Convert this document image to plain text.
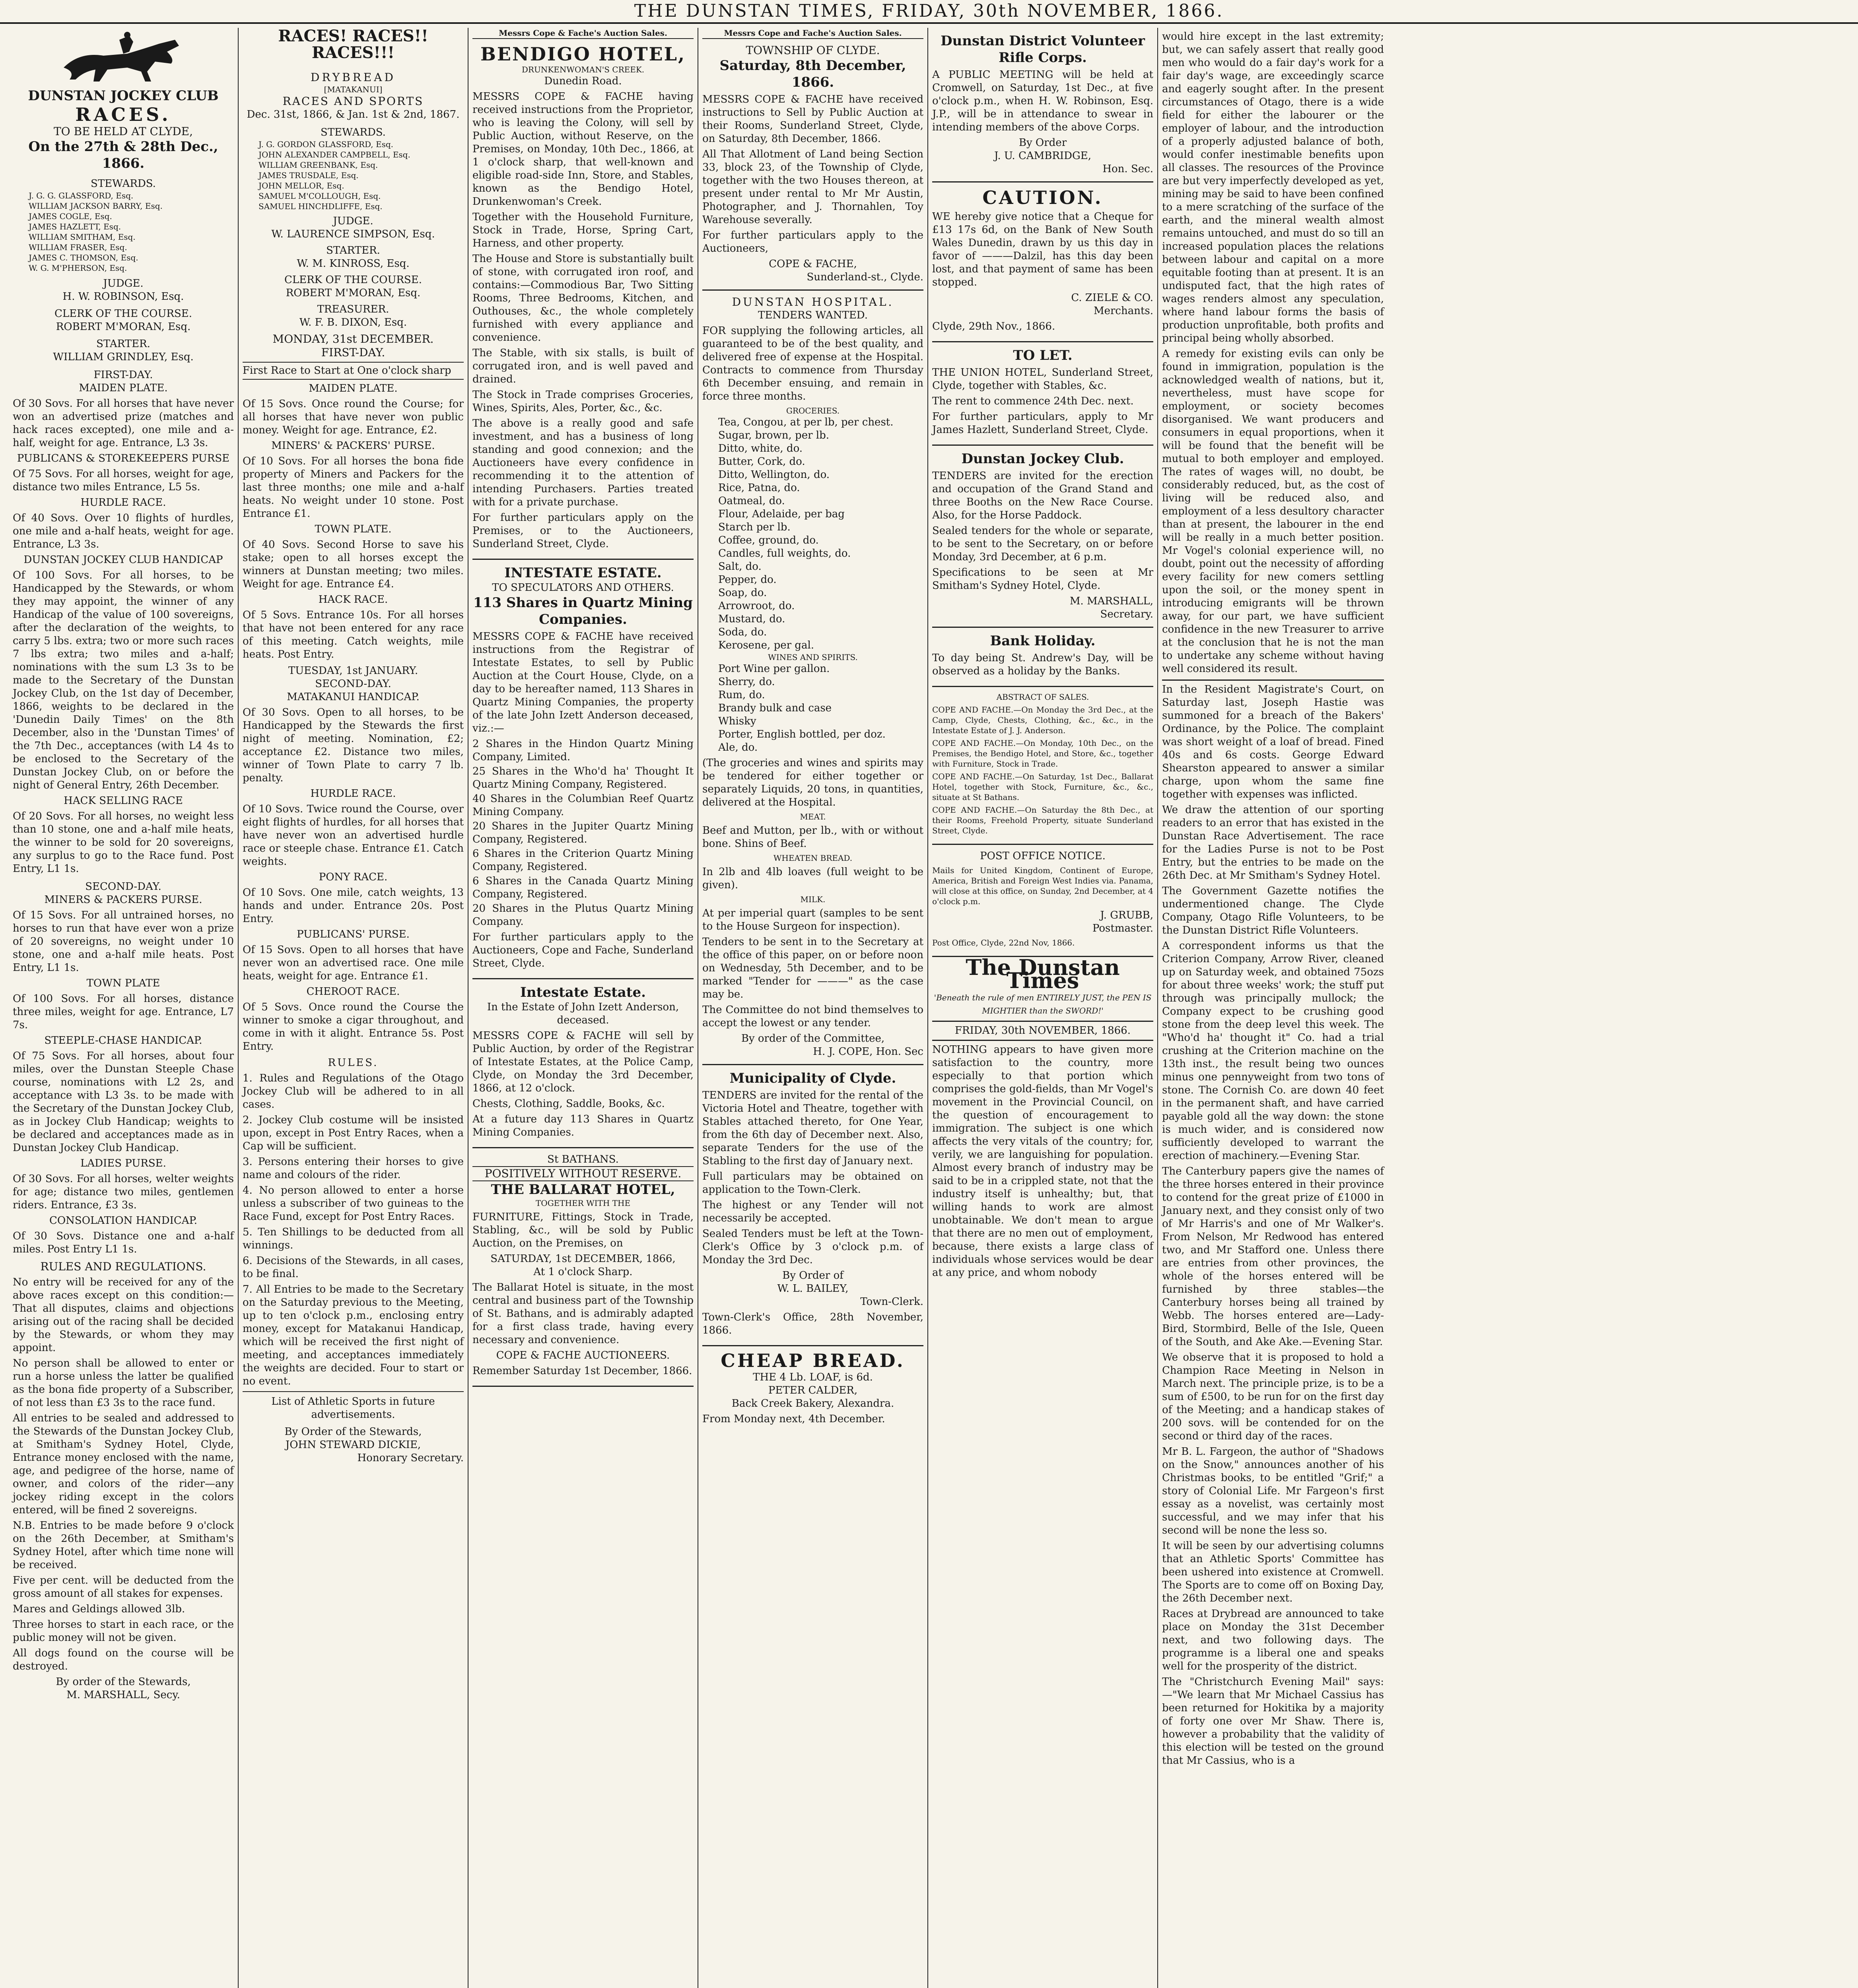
THE DUNSTAN TIMES, FRIDAY, 30th NOVEMBER, 1866.
DUNSTAN JOCKEY CLUB
RACES.
TO BE HELD AT CLYDE,
On the 27th & 28th Dec., 1866.
STEWARDS.
J. G. G. GLASSFORD, Esq.
WILLIAM JACKSON BARRY, Esq.
JAMES COGLE, Esq.
JAMES HAZLETT, Esq.
WILLIAM SMITHAM, Esq.
WILLIAM FRASER, Esq.
JAMES C. THOMSON, Esq.
W. G. M'PHERSON, Esq.
JUDGE.
H. W. ROBINSON, Esq.
CLERK OF THE COURSE.
ROBERT M'MORAN, Esq.
STARTER.
WILLIAM GRINDLEY, Esq.
FIRST-DAY.
MAIDEN PLATE.
Of 30 Sovs. For all horses that have never won an advertised prize (matches and hack races excepted), one mile and a-half, weight for age. Entrance, L3 3s.
PUBLICANS & STOREKEEPERS PURSE
Of 75 Sovs. For all horses, weight for age, distance two miles Entrance, L5 5s.
HURDLE RACE.
Of 40 Sovs. Over 10 flights of hurdles, one mile and a-half heats, weight for age. Entrance, L3 3s.
DUNSTAN JOCKEY CLUB HANDICAP
Of 100 Sovs. For all horses, to be Handicapped by the Stewards, or whom they may appoint, the winner of any Handicap of the value of 100 sovereigns, after the declaration of the weights, to carry 5 lbs. extra; two or more such races 7 lbs extra; two miles and a-half; nominations with the sum L3 3s to be made to the Secretary of the Dunstan Jockey Club, on the 1st day of December, 1866, weights to be declared in the 'Dunedin Daily Times' on the 8th December, also in the 'Dunstan Times' of the 7th Dec., acceptances (with L4 4s to be enclosed to the Secretary of the Dunstan Jockey Club, on or before the night of General Entry, 26th December.
HACK SELLING RACE
Of 20 Sovs. For all horses, no weight less than 10 stone, one and a-half mile heats, the winner to be sold for 20 sovereigns, any surplus to go to the Race fund. Post Entry, L1 1s.
SECOND-DAY.
MINERS & PACKERS PURSE.
Of 15 Sovs. For all untrained horses, no horses to run that have ever won a prize of 20 sovereigns, no weight under 10 stone, one and a-half mile heats. Post Entry, L1 1s.
TOWN PLATE
Of 100 Sovs. For all horses, distance three miles, weight for age. Entrance, L7 7s.
STEEPLE-CHASE HANDICAP.
Of 75 Sovs. For all horses, about four miles, over the Dunstan Steeple Chase course, nominations with L2 2s, and acceptance with L3 3s. to be made with the Secretary of the Dunstan Jockey Club, as in Jockey Club Handicap; weights to be declared and acceptances made as in Dunstan Jockey Club Handicap.
LADIES PURSE.
Of 30 Sovs. For all horses, welter weights for age; distance two miles, gentlemen riders. Entrance, £3 3s.
CONSOLATION HANDICAP.
Of 30 Sovs. Distance one and a-half miles. Post Entry L1 1s.
RULES AND REGULATIONS.
No entry will be received for any of the above races except on this condition:— That all disputes, claims and objections arising out of the racing shall be decided by the Stewards, or whom they may appoint.
No person shall be allowed to enter or run a horse unless the latter be qualified as the bona fide property of a Subscriber, of not less than £3 3s to the race fund.
All entries to be sealed and addressed to the Stewards of the Dunstan Jockey Club, at Smitham's Sydney Hotel, Clyde, Entrance money enclosed with the name, age, and pedigree of the horse, name of owner, and colors of the rider—any jockey riding except in the colors entered, will be fined 2 sovereigns.
N.B. Entries to be made before 9 o'clock on the 26th December, at Smitham's Sydney Hotel, after which time none will be received.
Five per cent. will be deducted from the gross amount of all stakes for expenses.
Mares and Geldings allowed 3lb.
Three horses to start in each race, or the public money will not be given.
All dogs found on the course will be destroyed.
By order of the Stewards,
M. MARSHALL, Secy.
RACES! RACES!! RACES!!!
DRYBREAD
[MATAKANUI]
RACES AND SPORTS
Dec. 31st, 1866, & Jan. 1st & 2nd, 1867.
STEWARDS.
J. G. GORDON GLASSFORD, Esq.
JOHN ALEXANDER CAMPBELL, Esq.
WILLIAM GREENBANK, Esq.
JAMES TRUSDALE, Esq.
JOHN MELLOR, Esq.
SAMUEL M'COLLOUGH, Esq.
SAMUEL HINCHDLIFFE, Esq.
JUDGE.
W. LAURENCE SIMPSON, Esq.
STARTER.
W. M. KINROSS, Esq.
CLERK OF THE COURSE.
ROBERT M'MORAN, Esq.
TREASURER.
W. F. B. DIXON, Esq.
MONDAY, 31st DECEMBER.
FIRST-DAY.
First Race to Start at One o'clock sharp
MAIDEN PLATE.
Of 15 Sovs. Once round the Course; for all horses that have never won public money. Weight for age. Entrance, £2.
MINERS' & PACKERS' PURSE.
Of 10 Sovs. For all horses the bona fide property of Miners and Packers for the last three months; one mile and a-half heats. No weight under 10 stone. Post Entrance £1.
TOWN PLATE.
Of 40 Sovs. Second Horse to save his stake; open to all horses except the winners at Dunstan meeting; two miles. Weight for age. Entrance £4.
HACK RACE.
Of 5 Sovs. Entrance 10s. For all horses that have not been entered for any race of this meeting. Catch weights, mile heats. Post Entry.
TUESDAY, 1st JANUARY.
SECOND-DAY.
MATAKANUI HANDICAP.
Of 30 Sovs. Open to all horses, to be Handicapped by the Stewards the first night of meeting. Nomination, £2; acceptance £2. Distance two miles, winner of Town Plate to carry 7 lb. penalty.
HURDLE RACE.
Of 10 Sovs. Twice round the Course, over eight flights of hurdles, for all horses that have never won an advertised hurdle race or steeple chase. Entrance £1. Catch weights.
PONY RACE.
Of 10 Sovs. One mile, catch weights, 13 hands and under. Entrance 20s. Post Entry.
PUBLICANS' PURSE.
Of 15 Sovs. Open to all horses that have never won an advertised race. One mile heats, weight for age. Entrance £1.
CHEROOT RACE.
Of 5 Sovs. Once round the Course the winner to smoke a cigar throughout, and come in with it alight. Entrance 5s. Post Entry.
RULES.
1. Rules and Regulations of the Otago Jockey Club will be adhered to in all cases.
2. Jockey Club costume will be insisted upon, except in Post Entry Races, when a Cap will be sufficient.
3. Persons entering their horses to give name and colours of the rider.
4. No person allowed to enter a horse unless a subscriber of two guineas to the Race Fund, except for Post Entry Races.
5. Ten Shillings to be deducted from all winnings.
6. Decisions of the Stewards, in all cases, to be final.
7. All Entries to be made to the Secretary on the Saturday previous to the Meeting, up to ten o'clock p.m., enclosing entry money, except for Matakanui Handicap, which will be received the first night of meeting, and acceptances immediately the weights are decided. Four to start or no event.
List of Athletic Sports in future advertisements.
By Order of the Stewards,
JOHN STEWARD DICKIE,
Honorary Secretary.
Messrs Cope & Fache's Auction Sales.
BENDIGO HOTEL,
DRUNKENWOMAN'S CREEK.
Dunedin Road.
MESSRS COPE & FACHE having received instructions from the Proprietor, who is leaving the Colony, will sell by Public Auction, without Reserve, on the Premises, on Monday, 10th Dec., 1866, at 1 o'clock sharp, that well-known and eligible road-side Inn, Store, and Stables, known as the Bendigo Hotel, Drunkenwoman's Creek.
Together with the Household Furniture, Stock in Trade, Horse, Spring Cart, Harness, and other property.
The House and Store is substantially built of stone, with corrugated iron roof, and contains:—Commodious Bar, Two Sitting Rooms, Three Bedrooms, Kitchen, and Outhouses, &c., the whole completely furnished with every appliance and convenience.
The Stable, with six stalls, is built of corrugated iron, and is well paved and drained.
The Stock in Trade comprises Groceries, Wines, Spirits, Ales, Porter, &c., &c.
The above is a really good and safe investment, and has a business of long standing and good connexion; and the Auctioneers have every confidence in recommending it to the attention of intending Purchasers. Parties treated with for a private purchase.
For further particulars apply on the Premises, or to the Auctioneers, Sunderland Street, Clyde.
INTESTATE ESTATE.
TO SPECULATORS AND OTHERS.
113 Shares in Quartz Mining Companies.
MESSRS COPE & FACHE have received instructions from the Registrar of Intestate Estates, to sell by Public Auction at the Court House, Clyde, on a day to be hereafter named, 113 Shares in Quartz Mining Companies, the property of the late John Izett Anderson deceased, viz.:—
2 Shares in the Hindon Quartz Mining Company, Limited.
25 Shares in the Who'd ha' Thought It Quartz Mining Company, Registered.
40 Shares in the Columbian Reef Quartz Mining Company.
20 Shares in the Jupiter Quartz Mining Company, Registered.
6 Shares in the Criterion Quartz Mining Company, Registered.
6 Shares in the Canada Quartz Mining Company, Registered.
20 Shares in the Plutus Quartz Mining Company.
For further particulars apply to the Auctioneers, Cope and Fache, Sunderland Street, Clyde.
Intestate Estate.
In the Estate of John Izett Anderson, deceased.
MESSRS COPE & FACHE will sell by Public Auction, by order of the Registrar of Intestate Estates, at the Police Camp, Clyde, on Monday the 3rd December, 1866, at 12 o'clock.
Chests, Clothing, Saddle, Books, &c.
At a future day 113 Shares in Quartz Mining Companies.
St BATHANS.
POSITIVELY WITHOUT RESERVE.
THE BALLARAT HOTEL,
TOGETHER WITH THE
FURNITURE, Fittings, Stock in Trade, Stabling, &c., will be sold by Public Auction, on the Premises, on
SATURDAY, 1st DECEMBER, 1866,
At 1 o'clock Sharp.
The Ballarat Hotel is situate, in the most central and business part of the Township of St. Bathans, and is admirably adapted for a first class trade, having every necessary and convenience.
COPE & FACHE AUCTIONEERS.
Remember Saturday 1st December, 1866.
Messrs Cope and Fache's Auction Sales.
TOWNSHIP OF CLYDE.
Saturday, 8th December, 1866.
MESSRS COPE & FACHE have received instructions to Sell by Public Auction at their Rooms, Sunderland Street, Clyde, on Saturday, 8th December, 1866.
All That Allotment of Land being Section 33, block 23, of the Township of Clyde, together with the two Houses thereon, at present under rental to Mr Mr Austin, Photographer, and J. Thornahlen, Toy Warehouse severally.
For further particulars apply to the Auctioneers,
COPE & FACHE,
Sunderland-st., Clyde.
DUNSTAN HOSPITAL.
TENDERS WANTED.
FOR supplying the following articles, all guaranteed to be of the best quality, and delivered free of expense at the Hospital. Contracts to commence from Thursday 6th December ensuing, and remain in force three months.
GROCERIES.
Tea, Congou, at per lb, per chest.
Sugar, brown, per lb.
Ditto, white, do.
Butter, Cork, do.
Ditto, Wellington, do.
Rice, Patna, do.
Oatmeal, do.
Flour, Adelaide, per bag
Starch per lb.
Coffee, ground, do.
Candles, full weights, do.
Salt, do.
Pepper, do.
Soap, do.
Arrowroot, do.
Mustard, do.
Soda, do.
Kerosene, per gal.
WINES AND SPIRITS.
Port Wine per gallon.
Sherry, do.
Rum, do.
Brandy bulk and case
Whisky
Porter, English bottled, per doz.
Ale, do.
(The groceries and wines and spirits may be tendered for either together or separately Liquids, 20 tons, in quantities, delivered at the Hospital.
MEAT.
Beef and Mutton, per lb., with or without bone. Shins of Beef.
WHEATEN BREAD.
In 2lb and 4lb loaves (full weight to be given).
MILK.
At per imperial quart (samples to be sent to the House Surgeon for inspection).
Tenders to be sent in to the Secretary at the office of this paper, on or before noon on Wednesday, 5th December, and to be marked "Tender for ———" as the case may be.
The Committee do not bind themselves to accept the lowest or any tender.
By order of the Committee,
H. J. COPE, Hon. Sec
Municipality of Clyde.
TENDERS are invited for the rental of the Victoria Hotel and Theatre, together with Stables attached thereto, for One Year, from the 6th day of December next. Also, separate Tenders for the use of the Stabling to the first day of January next.
Full particulars may be obtained on application to the Town-Clerk.
The highest or any Tender will not necessarily be accepted.
Sealed Tenders must be left at the Town-Clerk's Office by 3 o'clock p.m. of Monday the 3rd Dec.
By Order of
W. L. BAILEY,
Town-Clerk.
Town-Clerk's Office, 28th November, 1866.
CHEAP BREAD.
THE 4 Lb. LOAF, is 6d.
PETER CALDER,
Back Creek Bakery, Alexandra.
From Monday next, 4th December.
Dunstan District Volunteer Rifle Corps.
A PUBLIC MEETING will be held at Cromwell, on Saturday, 1st Dec., at five o'clock p.m., when H. W. Robinson, Esq. J.P., will be in attendance to swear in intending members of the above Corps.
By Order
J. U. CAMBRIDGE,
Hon. Sec.
CAUTION.
WE hereby give notice that a Cheque for £13 17s 6d, on the Bank of New South Wales Dunedin, drawn by us this day in favor of ———Dalzil, has this day been lost, and that payment of same has been stopped.
C. ZIELE & CO.
Merchants.
Clyde, 29th Nov., 1866.
TO LET.
THE UNION HOTEL, Sunderland Street, Clyde, together with Stables, &c.
The rent to commence 24th Dec. next.
For further particulars, apply to Mr James Hazlett, Sunderland Street, Clyde.
Dunstan Jockey Club.
TENDERS are invited for the erection and occupation of the Grand Stand and three Booths on the New Race Course. Also, for the Horse Paddock.
Sealed tenders for the whole or separate, to be sent to the Secretary, on or before Monday, 3rd December, at 6 p.m.
Specifications to be seen at Mr Smitham's Sydney Hotel, Clyde.
M. MARSHALL,
Secretary.
Bank Holiday.
To day being St. Andrew's Day, will be observed as a holiday by the Banks.
ABSTRACT OF SALES.
COPE AND FACHE.—On Monday the 3rd Dec., at the Camp, Clyde, Chests, Clothing, &c., &c., in the Intestate Estate of J. J. Anderson.
COPE AND FACHE.—On Monday, 10th Dec., on the Premises, the Bendigo Hotel, and Store, &c., together with Furniture, Stock in Trade.
COPE AND FACHE.—On Saturday, 1st Dec., Ballarat Hotel, together with Stock, Furniture, &c., &c., situate at St Bathans.
COPE AND FACHE.—On Saturday the 8th Dec., at their Rooms, Freehold Property, situate Sunderland Street, Clyde.
POST OFFICE NOTICE.
Mails for United Kingdom, Continent of Europe, America, British and Foreign West Indies via. Panama, will close at this office, on Sunday, 2nd December, at 4 o'clock p.m.
J. GRUBB,
Postmaster.
Post Office, Clyde, 22nd Nov, 1866.
The Dunstan Times
'Beneath the rule of men ENTIRELY JUST, the PEN IS MIGHTIER than the SWORD!'
FRIDAY, 30th NOVEMBER, 1866.
NOTHING appears to have given more satisfaction to the country, more especially to that portion which comprises the gold-fields, than Mr Vogel's movement in the Provincial Council, on the question of encouragement to immigration. The subject is one which affects the very vitals of the country; for, verily, we are languishing for population. Almost every branch of industry may be said to be in a crippled state, not that the industry itself is unhealthy; but, that willing hands to work are almost unobtainable. We don't mean to argue that there are no men out of employment, because, there exists a large class of individuals whose services would be dear at any price, and whom nobody
would hire except in the last extremity; but, we can safely assert that really good men who would do a fair day's work for a fair day's wage, are exceedingly scarce and eagerly sought after. In the present circumstances of Otago, there is a wide field for either the labourer or the employer of labour, and the introduction of a properly adjusted balance of both, would confer inestimable benefits upon all classes. The resources of the Province are but very imperfectly developed as yet, mining may be said to have been confined to a mere scratching of the surface of the earth, and the mineral wealth almost remains untouched, and must do so till an increased population places the relations between labour and capital on a more equitable footing than at present. It is an undisputed fact, that the high rates of wages renders almost any speculation, where hand labour forms the basis of production unprofitable, both profits and principal being wholly absorbed.
A remedy for existing evils can only be found in immigration, population is the acknowledged wealth of nations, but it, nevertheless, must have scope for employment, or society becomes disorganised. We want producers and consumers in equal proportions, when it will be found that the benefit will be mutual to both employer and employed. The rates of wages will, no doubt, be considerably reduced, but, as the cost of living will be reduced also, and employment of a less desultory character than at present, the labourer in the end will be really in a much better position. Mr Vogel's colonial experience will, no doubt, point out the necessity of affording every facility for new comers settling upon the soil, or the money spent in introducing emigrants will be thrown away, for our part, we have sufficient confidence in the new Treasurer to arrive at the conclusion that he is not the man to undertake any scheme without having well considered its result.
In the Resident Magistrate's Court, on Saturday last, Joseph Hastie was summoned for a breach of the Bakers' Ordinance, by the Police. The complaint was short weight of a loaf of bread. Fined 40s and 6s costs. George Edward Shearston appeared to answer a similar charge, upon whom the same fine together with expenses was inflicted.
We draw the attention of our sporting readers to an error that has existed in the Dunstan Race Advertisement. The race for the Ladies Purse is not to be Post Entry, but the entries to be made on the 26th Dec. at Mr Smitham's Sydney Hotel.
The Government Gazette notifies the undermentioned change. The Clyde Company, Otago Rifle Volunteers, to be the Dunstan District Rifle Volunteers.
A correspondent informs us that the Criterion Company, Arrow River, cleaned up on Saturday week, and obtained 75ozs for about three weeks' work; the stuff put through was principally mullock; the Company expect to be crushing good stone from the deep level this week. The "Who'd ha' thought it" Co. had a trial crushing at the Criterion machine on the 13th inst., the result being two ounces minus one pennyweight from two tons of stone. The Cornish Co. are down 40 feet in the permanent shaft, and have carried payable gold all the way down: the stone is much wider, and is considered now sufficiently developed to warrant the erection of machinery.—Evening Star.
The Canterbury papers give the names of the three horses entered in their province to contend for the great prize of £1000 in January next, and they consist only of two of Mr Harris's and one of Mr Walker's. From Nelson, Mr Redwood has entered two, and Mr Stafford one. Unless there are entries from other provinces, the whole of the horses entered will be furnished by three stables—the Canterbury horses being all trained by Webb. The horses entered are—Lady-Bird, Stormbird, Belle of the Isle, Queen of the South, and Ake Ake.—Evening Star.
We observe that it is proposed to hold a Champion Race Meeting in Nelson in March next. The principle prize, is to be a sum of £500, to be run for on the first day of the Meeting; and a handicap stakes of 200 sovs. will be contended for on the second or third day of the races.
Mr B. L. Fargeon, the author of "Shadows on the Snow," announces another of his Christmas books, to be entitled "Grif;" a story of Colonial Life. Mr Fargeon's first essay as a novelist, was certainly most successful, and we may infer that his second will be none the less so.
It will be seen by our advertising columns that an Athletic Sports' Committee has been ushered into existence at Cromwell. The Sports are to come off on Boxing Day, the 26th December next.
Races at Drybread are announced to take place on Monday the 31st December next, and two following days. The programme is a liberal one and speaks well for the prosperity of the district.
The "Christchurch Evening Mail" says:—"We learn that Mr Michael Cassius has been returned for Hokitika by a majority of forty one over Mr Shaw. There is, however a probability that the validity of this election will be tested on the ground that Mr Cassius, who is a
